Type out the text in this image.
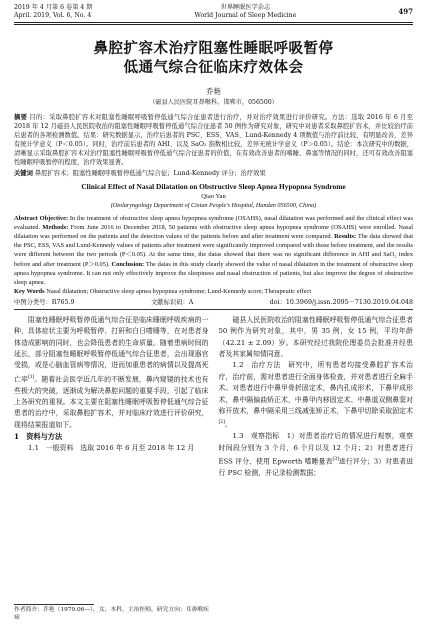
2019 年 4 月第 6 卷第 4 期
April. 2019, Vol. 6, No. 4
世界睡眠医学杂志
World Journal of Sleep Medicine	497
鼻腔扩容术治疗阻塞性睡眠呼吸暂停
低通气综合征临床疗效体会
乔艳
（磁县人民医院耳鼻喉科，邯郸市，056500）
摘要 目的：采取鼻腔扩容术对阻塞性睡眠呼吸暂停低通气综合征患者进行治疗，并对治疗效果进行评价研究。方法：选取 2016 年 6 月至 2018 年 12 月磁县人民医院收治的阻塞性睡眠呼吸暂停低通气综合征患者 50 例作为研究对象，研究中对患者采取鼻腔扩容术，并比较治疗前后患者的各项检测数值。结果：研究数据显示，治疗后患者的 PSC、ESS、VAS、Lund-Kennedy 4 项数值与治疗前比较，有明显改善，差异有统计学意义（P＜0.05）。同时，治疗前后患者的 AHI、以及 SaO₂ 指数相比较，差异无统计学意义（P＞0.05）。结论：本次研究中的数据，清晰显示采取鼻腔扩容术对治疗阻塞性睡眠呼吸暂停低通气综合征患者的价值，在有效改善患者的嗜睡、鼻塞等情况的同时，还可有效改善阻塞性睡眠呼吸暂停的程度，治疗效果显著。
关键词 鼻腔扩容术；阻塞性睡眠呼吸暂停低通气综合征；Lund-Kennedy 评分；治疗效果
Clinical Effect of Nasal Dilatation on Obstructive Sleep Apnea Hypopnea Syndrome
Qiao Yan
(Otolaryngology Department of Cixian People's Hospital, Handan 056500, China)
Abstract Objective: In the treatment of obstructive sleep apnea hypopnea syndrome (OSAHS), nasal dilatation was performed and the clinical effect was evaluated. Methods: From June 2016 to December 2018, 50 patients with obstructive sleep apnea hypopnea syndrome (OSAHS) were enrolled. Nasal dilatation was performed on the patients and the detection values of the patients before and after treatment were compared. Results: The data showed that the PSC, ESS, VAS and Lund-Kennedy values of patients after treatment were significantly improved compared with those before treatment, and the results were different between the two periods (P＜0.05). At the same time, the datas showed that there was no significant difference in AHI and SaO₂ index before and after treatment (P＞0.05). Conclusion: The datas in this study clearly showed the value of nasal dilatation in the treatment of obstructive sleep apnea hypopnea syndrome. It can not only effectively improve the sleepiness and nasal obstruction of patients, but also improve the degree of obstructive sleep apnea.
Key Words Nasal dilatation; Obstructive sleep apnea hypopnea syndrome; Lund-Kennedy score; Therapeutic effect
中图分类号：R765.9	文献标识码：A	doi：10.3969/j.issn.2095－7130.2019.04.048

阻塞性睡眠呼吸暂停低通气综合征是临床睡眠呼吸疾病的一种，具体症状主要为呼吸暂停、打鼾和白日嗜睡等，在对患者身体造成影响的同时，也会降低患者的生命质量。随着患病时间的延长，部分阻塞性睡眠呼吸暂停低通气综合征患者，会出现器官受损，或是心脑血管病等情况，进而加重患者的病情以及提高死亡率[1]。随着社会医学近几年的不断发展，鼻内窥镜的技术也有些极大的突破，逐渐成为解决鼻腔问题的重要手段，引起了临床上各研究的重视。本文主要在阻塞性睡眠呼吸暂停低通气综合征患者的治疗中，采取鼻腔扩容术，并对临床疗效进行评价研究，现将结果报道如下。

1　资料与方法

1.1　一般资料　选取 2016 年 6 月至 2018 年 12 月

磁县人民医院收治的阻塞性睡眠呼吸暂停低通气综合征患者 50 例作为研究对象，其中，男 35 例，女 15 例，平均年龄（42.21 ± 2.09）岁。本研究经过我院伦理委员会批准并经患者及其家属知情同意。

1.2　治疗方法　研究中，所有患者均接受鼻腔扩容术治疗，治疗前，需对患者进行全面身体检查，并对患者进行全麻手术。对患者进行中鼻甲骨折固定术，鼻内孔成形术，下鼻甲成形术，鼻中隔偏曲矫正术，中鼻甲内移固定术、中鼻道双侧鼻窦对称开放术，鼻中隔采用三线减张矫正术，下鼻甲切除采取固定术[2]。

1.3　观察指标　1）对患者治疗后的情况进行观察，观察时间段分别为 3 个月，6 个月以及 12 个月；2）对患者进行 ESS 评分，使用 Epworth 嗜睡量表[3]进行评分；3）对患者进行 PSC 检测，并记录检测数据；

作者简介：乔艳（1979.06—），女，本科，主治医师，研究方向：耳鼻喉疾病
